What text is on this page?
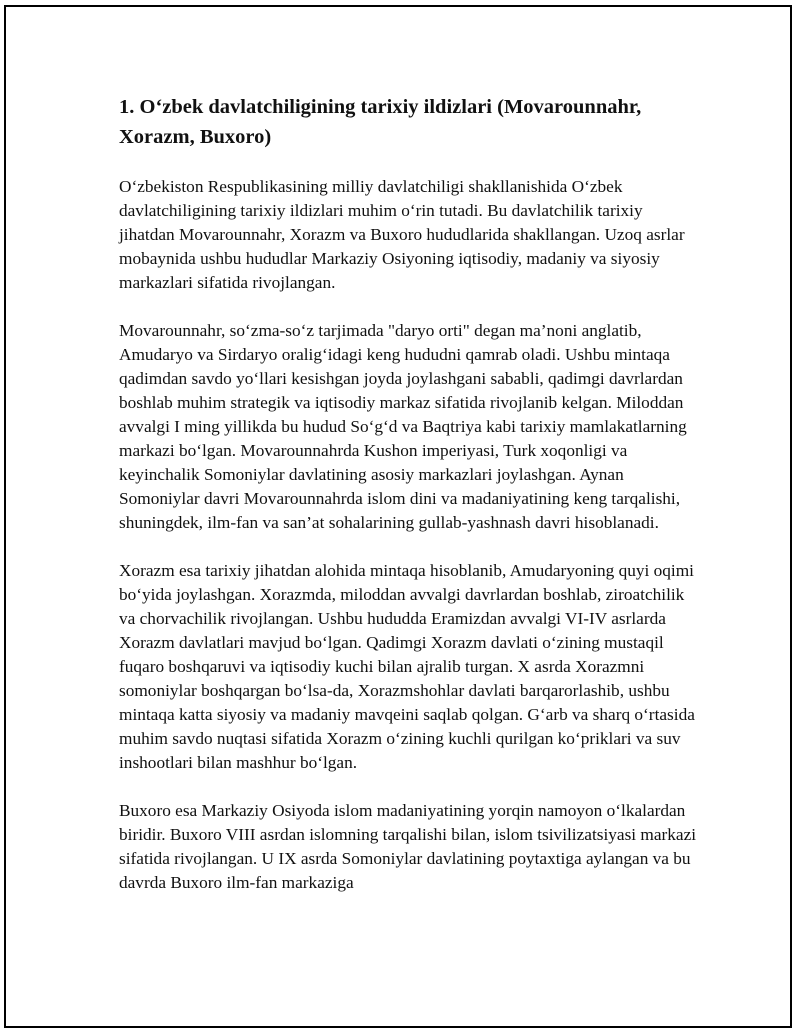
1. O‘zbek davlatchiligining tarixiy ildizlari (Movarounnahr, Xorazm, Buxoro)

O‘zbekiston Respublikasining milliy davlatchiligi shakllanishida O‘zbek davlatchiligining tarixiy ildizlari muhim o‘rin tutadi. Bu davlatchilik tarixiy jihatdan Movarounnahr, Xorazm va Buxoro hududlarida shakllangan. Uzoq asrlar mobaynida ushbu hududlar Markaziy Osiyoning iqtisodiy, madaniy va siyosiy markazlari sifatida rivojlangan.

Movarounnahr, so‘zma-so‘z tarjimada "daryo orti" degan ma’noni anglatib, Amudaryo va Sirdaryo oralig‘idagi keng hududni qamrab oladi. Ushbu mintaqa qadimdan savdo yo‘llari kesishgan joyda joylashgani sababli, qadimgi davrlardan boshlab muhim strategik va iqtisodiy markaz sifatida rivojlanib kelgan. Miloddan avvalgi I ming yillikda bu hudud So‘g‘d va Baqtriya kabi tarixiy mamlakatlarning markazi bo‘lgan. Movarounnahrda Kushon imperiyasi, Turk xoqonligi va keyinchalik Somoniylar davlatining asosiy markazlari joylashgan. Aynan Somoniylar davri Movarounnahrda islom dini va madaniyatining keng tarqalishi, shuningdek, ilm-fan va san’at sohalarining gullab-yashnash davri hisoblanadi.

Xorazm esa tarixiy jihatdan alohida mintaqa hisoblanib, Amudaryoning quyi oqimi bo‘yida joylashgan. Xorazmda, miloddan avvalgi davrlardan boshlab, ziroatchilik va chorvachilik rivojlangan. Ushbu hududda Eramizdan avvalgi VI-IV asrlarda Xorazm davlatlari mavjud bo‘lgan. Qadimgi Xorazm davlati o‘zining mustaqil fuqaro boshqaruvi va iqtisodiy kuchi bilan ajralib turgan. X asrda Xorazmni somoniylar boshqargan bo‘lsa-da, Xorazmshohlar davlati barqarorlashib, ushbu mintaqa katta siyosiy va madaniy mavqeini saqlab qolgan. G‘arb va sharq o‘rtasida muhim savdo nuqtasi sifatida Xorazm o‘zining kuchli qurilgan ko‘priklari va suv inshootlari bilan mashhur bo‘lgan.

Buxoro esa Markaziy Osiyoda islom madaniyatining yorqin namoyon o‘lkalardan biridir. Buxoro VIII asrdan islomning tarqalishi bilan, islom tsivilizatsiyasi markazi sifatida rivojlangan. U IX asrda Somoniylar davlatining poytaxtiga aylangan va bu davrda Buxoro ilm-fan markaziga
